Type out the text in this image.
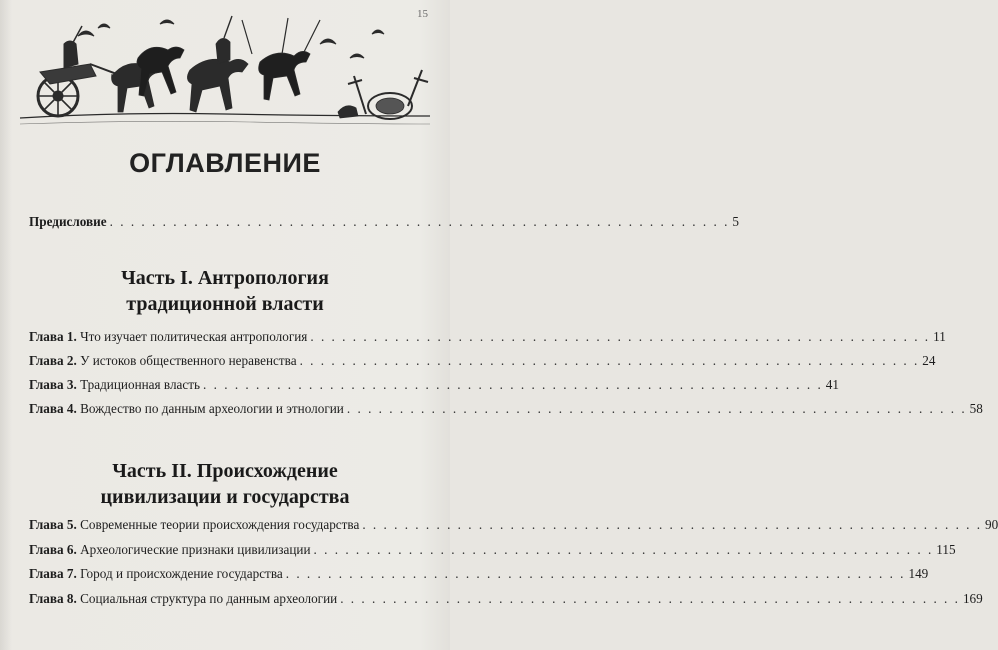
15
ОГЛАВЛЕНИЕ
Предисловие . . . . . . . . . . . . . . . . . . . . . . . . . . . . . . . . . . . . . . . . . . . . . . . . . . . . . . . . . . . 5
Часть I. Антропология
традиционной власти
Глава 1. Что изучает политическая антропология . . . . . . . . . . . . . . . . . . . . . . . . . . . . . . . . . . . . . . . . . . . . . . . . . . . . . . . . . . . 11
Глава 2. У истоков общественного неравенства . . . . . . . . . . . . . . . . . . . . . . . . . . . . . . . . . . . . . . . . . . . . . . . . . . . . . . . . . . . 24
Глава 3. Традиционная власть . . . . . . . . . . . . . . . . . . . . . . . . . . . . . . . . . . . . . . . . . . . . . . . . . . . . . . . . . . . 41
Глава 4. Вождество по данным археологии и этнологии . . . . . . . . . . . . . . . . . . . . . . . . . . . . . . . . . . . . . . . . . . . . . . . . . . . . . . . . . . . 58
Часть II. Происхождение
цивилизации и государства
Глава 5. Современные теории происхождения государства . . . . . . . . . . . . . . . . . . . . . . . . . . . . . . . . . . . . . . . . . . . . . . . . . . . . . . . . . . . 90
Глава 6. Археологические признаки цивилизации . . . . . . . . . . . . . . . . . . . . . . . . . . . . . . . . . . . . . . . . . . . . . . . . . . . . . . . . . . . 115
Глава 7. Город и происхождение государства . . . . . . . . . . . . . . . . . . . . . . . . . . . . . . . . . . . . . . . . . . . . . . . . . . . . . . . . . . . 149
Глава 8. Социальная структура по данным археологии . . . . . . . . . . . . . . . . . . . . . . . . . . . . . . . . . . . . . . . . . . . . . . . . . . . . . . . . . . . 169
